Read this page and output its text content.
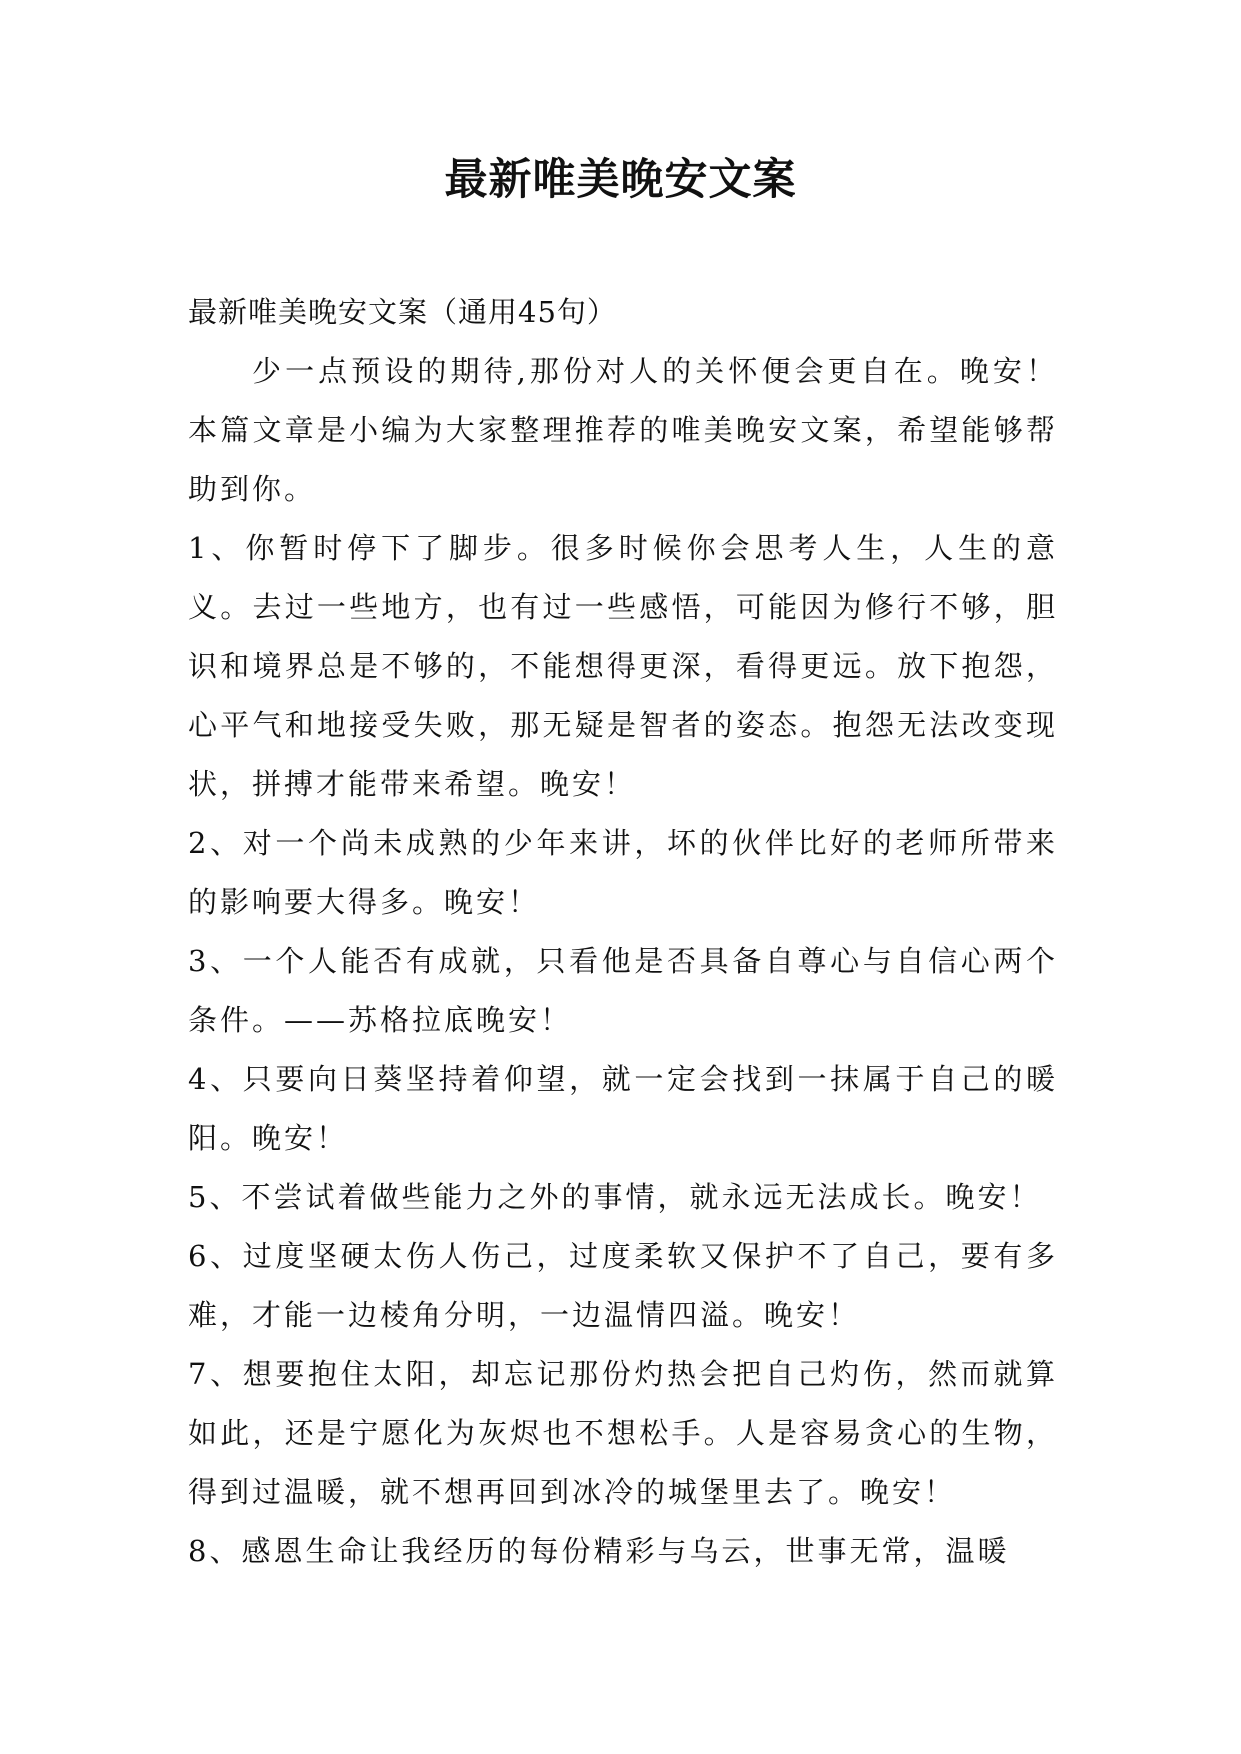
最新唯美晚安文案

最新唯美晚安文案（通用45句）

少一点预设的期待,那份对人的关怀便会更自在。晚安！本篇文章是小编为大家整理推荐的唯美晚安文案，希望能够帮助到你。

1、你暂时停下了脚步。很多时候你会思考人生，人生的意义。去过一些地方，也有过一些感悟，可能因为修行不够，胆识和境界总是不够的，不能想得更深，看得更远。放下抱怨，心平气和地接受失败，那无疑是智者的姿态。抱怨无法改变现状，拼搏才能带来希望。晚安！

2、对一个尚未成熟的少年来讲，坏的伙伴比好的老师所带来的影响要大得多。晚安！

3、一个人能否有成就，只看他是否具备自尊心与自信心两个条件。——苏格拉底晚安！

4、只要向日葵坚持着仰望，就一定会找到一抹属于自己的暖阳。晚安！

5、不尝试着做些能力之外的事情，就永远无法成长。晚安！

6、过度坚硬太伤人伤己，过度柔软又保护不了自己，要有多难，才能一边棱角分明，一边温情四溢。晚安！

7、想要抱住太阳，却忘记那份灼热会把自己灼伤，然而就算如此，还是宁愿化为灰烬也不想松手。人是容易贪心的生物，得到过温暖，就不想再回到冰冷的城堡里去了。晚安！

8、感恩生命让我经历的每份精彩与乌云，世事无常，温暖
